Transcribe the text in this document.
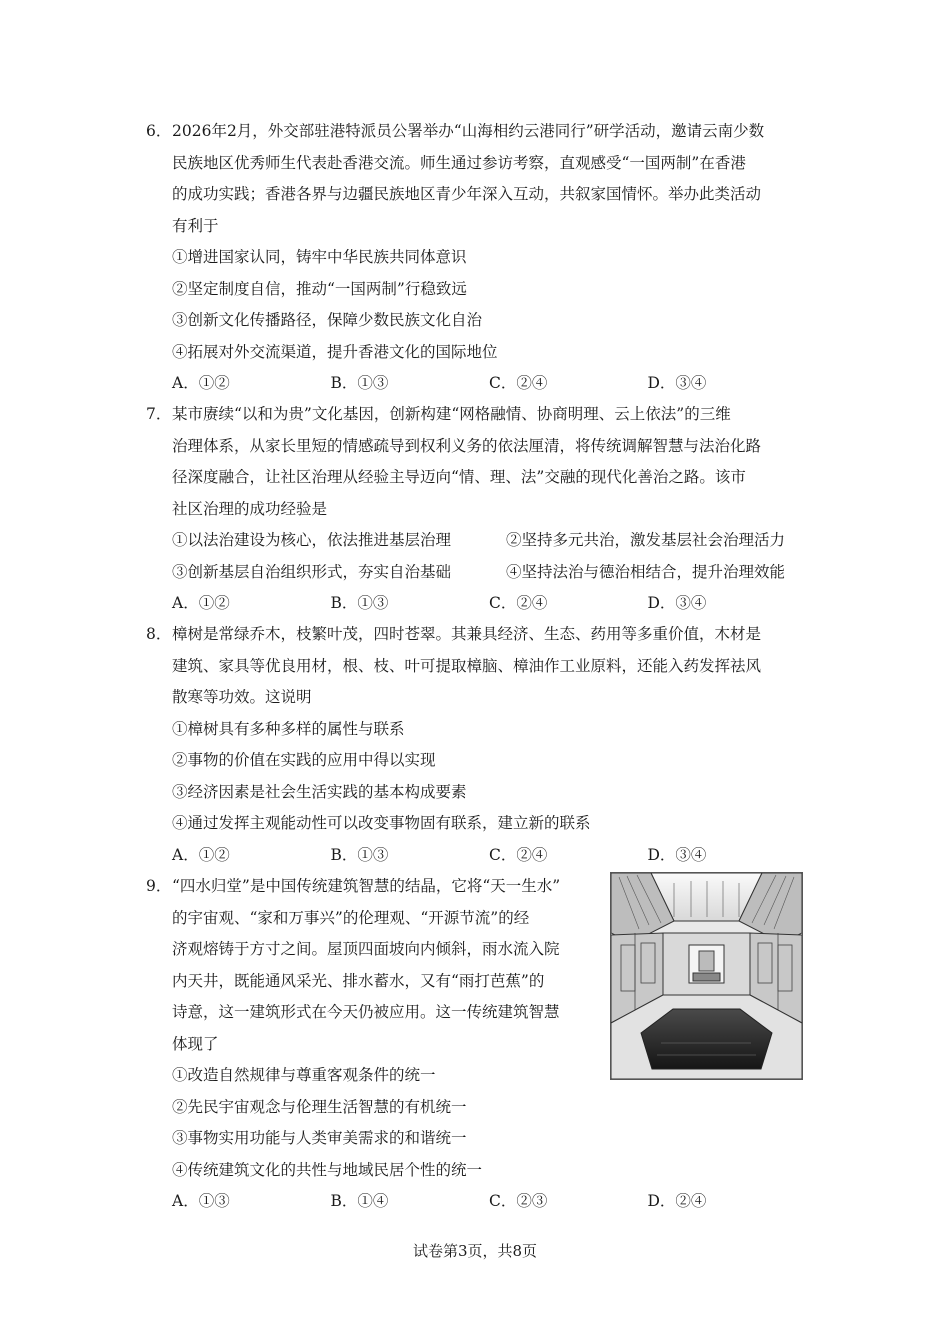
6．2026年2月，外交部驻港特派员公署举办“山海相约云港同行”研学活动，邀请云南少数
民族地区优秀师生代表赴香港交流。师生通过参访考察，直观感受“一国两制”在香港
的成功实践；香港各界与边疆民族地区青少年深入互动，共叙家国情怀。举办此类活动
有利于
①增进国家认同，铸牢中华民族共同体意识
②坚定制度自信，推动“一国两制”行稳致远
③创新文化传播路径，保障少数民族文化自治
④拓展对外交流渠道，提升香港文化的国际地位
A．①②	B．①③	C．②④	D．③④
7．某市赓续“以和为贵”文化基因，创新构建“网格融情、协商明理、云上依法”的三维
治理体系，从家长里短的情感疏导到权利义务的依法厘清，将传统调解智慧与法治化路
径深度融合，让社区治理从经验主导迈向“情、理、法”交融的现代化善治之路。该市
社区治理的成功经验是
①以法治建设为核心，依法推进基层治理	②坚持多元共治，激发基层社会治理活力
③创新基层自治组织形式，夯实自治基础	④坚持法治与德治相结合，提升治理效能
A．①②	B．①③	C．②④	D．③④
8．樟树是常绿乔木，枝繁叶茂，四时苍翠。其兼具经济、生态、药用等多重价值，木材是
建筑、家具等优良用材，根、枝、叶可提取樟脑、樟油作工业原料，还能入药发挥祛风
散寒等功效。这说明
①樟树具有多种多样的属性与联系
②事物的价值在实践的应用中得以实现
③经济因素是社会生活实践的基本构成要素
④通过发挥主观能动性可以改变事物固有联系，建立新的联系
A．①②	B．①③	C．②④	D．③④
9．“四水归堂”是中国传统建筑智慧的结晶，它将“天一生水”
的宇宙观、“家和万事兴”的伦理观、“开源节流”的经
济观熔铸于方寸之间。屋顶四面坡向内倾斜，雨水流入院
内天井，既能通风采光、排水蓄水，又有“雨打芭蕉”的
诗意，这一建筑形式在今天仍被应用。这一传统建筑智慧
体现了
①改造自然规律与尊重客观条件的统一
②先民宇宙观念与伦理生活智慧的有机统一
③事物实用功能与人类审美需求的和谐统一
④传统建筑文化的共性与地域民居个性的统一
A．①③	B．①④	C．②③	D．②④
试卷第3页，共8页
